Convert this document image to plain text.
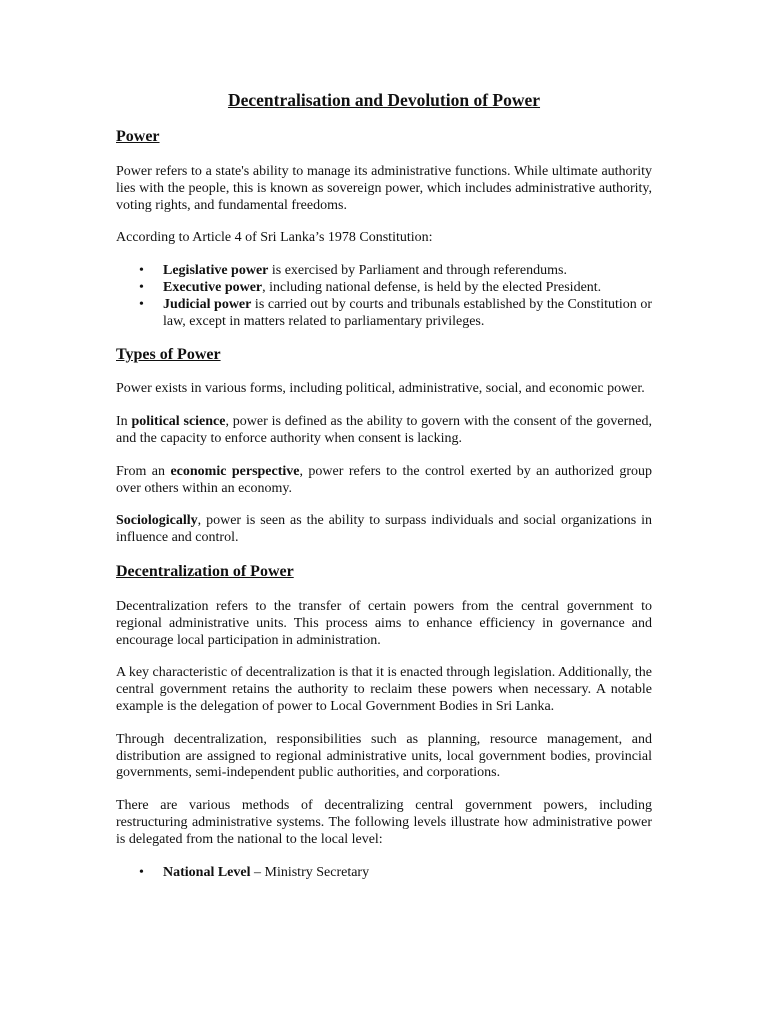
Decentralisation and Devolution of Power
Power

Power refers to a state's ability to manage its administrative functions. While ultimate authority lies with the people, this is known as sovereign power, which includes administrative authority, voting rights, and fundamental freedoms.

According to Article 4 of Sri Lanka’s 1978 Constitution:

• Legislative power is exercised by Parliament and through referendums.
• Executive power, including national defense, is held by the elected President.
• Judicial power is carried out by courts and tribunals established by the Constitution or law, except in matters related to parliamentary privileges.
Types of Power

Power exists in various forms, including political, administrative, social, and economic power.

In political science, power is defined as the ability to govern with the consent of the governed, and the capacity to enforce authority when consent is lacking.

From an economic perspective, power refers to the control exerted by an authorized group over others within an economy.

Sociologically, power is seen as the ability to surpass individuals and social organizations in influence and control.

Decentralization of Power

Decentralization refers to the transfer of certain powers from the central government to regional administrative units. This process aims to enhance efficiency in governance and encourage local participation in administration.

A key characteristic of decentralization is that it is enacted through legislation. Additionally, the central government retains the authority to reclaim these powers when necessary. A notable example is the delegation of power to Local Government Bodies in Sri Lanka.

Through decentralization, responsibilities such as planning, resource management, and distribution are assigned to regional administrative units, local government bodies, provincial governments, semi-independent public authorities, and corporations.

There are various methods of decentralizing central government powers, including restructuring administrative systems. The following levels illustrate how administrative power is delegated from the national to the local level:

• National Level – Ministry Secretary
